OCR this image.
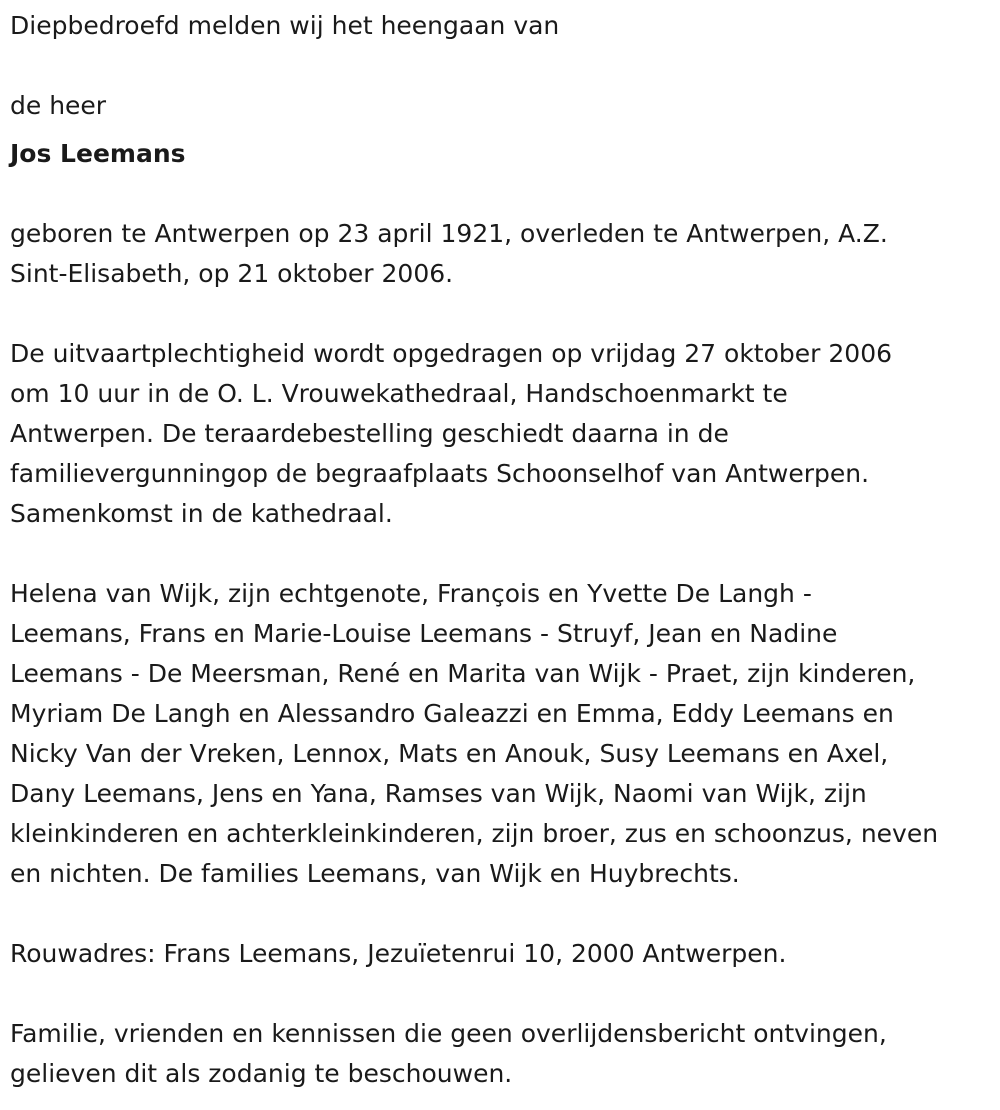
Diepbedroefd melden wij het heengaan van
de heer
Jos Leemans
geboren te Antwerpen op 23 april 1921, overleden te Antwerpen, A.Z.
Sint-Elisabeth, op 21 oktober 2006.
De uitvaartplechtigheid wordt opgedragen op vrijdag 27 oktober 2006
om 10 uur in de O. L. Vrouwekathedraal, Handschoenmarkt te
Antwerpen. De teraardebestelling geschiedt daarna in de
familievergunningop de begraafplaats Schoonselhof van Antwerpen.
Samenkomst in de kathedraal.
Helena van Wijk, zijn echtgenote, François en Yvette De Langh -
Leemans, Frans en Marie-Louise Leemans - Struyf, Jean en Nadine
Leemans - De Meersman, René en Marita van Wijk - Praet, zijn kinderen,
Myriam De Langh en Alessandro Galeazzi en Emma, Eddy Leemans en
Nicky Van der Vreken, Lennox, Mats en Anouk, Susy Leemans en Axel,
Dany Leemans, Jens en Yana, Ramses van Wijk, Naomi van Wijk, zijn
kleinkinderen en achterkleinkinderen, zijn broer, zus en schoonzus, neven
en nichten. De families Leemans, van Wijk en Huybrechts.
Rouwadres: Frans Leemans, Jezuïetenrui 10, 2000 Antwerpen.
Familie, vrienden en kennissen die geen overlijdensbericht ontvingen,
gelieven dit als zodanig te beschouwen.
